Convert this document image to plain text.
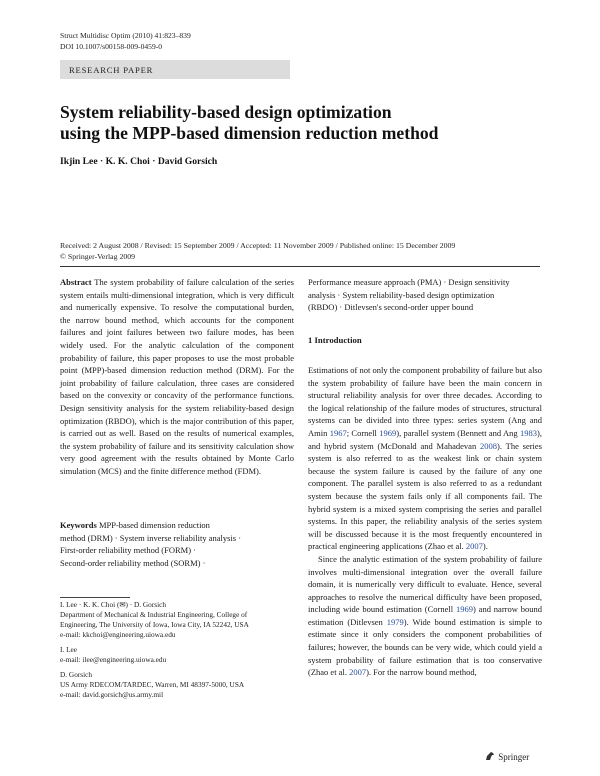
Struct Multidisc Optim (2010) 41:823–839
DOI 10.1007/s00158-009-0459-0
RESEARCH PAPER
System reliability-based design optimization
using the MPP-based dimension reduction method
Ikjin Lee · K. K. Choi · David Gorsich
Received: 2 August 2008 / Revised: 15 September 2009 / Accepted: 11 November 2009 / Published online: 15 December 2009
© Springer-Verlag 2009

Abstract The system probability of failure calculation of the series system entails multi-dimensional integration, which is very difficult and numerically expensive. To resolve the computational burden, the narrow bound method, which accounts for the component failures and joint failures between two failure modes, has been widely used. For the analytic calculation of the component probability of failure, this paper proposes to use the most probable point (MPP)-based dimension reduction method (DRM). For the joint probability of failure calculation, three cases are considered based on the convexity or concavity of the performance functions. Design sensitivity analysis for the system reliability-based design optimization (RBDO), which is the major contribution of this paper, is carried out as well. Based on the results of numerical examples, the system probability of failure and its sensitivity calculation show very good agreement with the results obtained by Monte Carlo simulation (MCS) and the finite difference method (FDM).

Keywords MPP-based dimension reduction
method (DRM) · System inverse reliability analysis ·
First-order reliability method (FORM) ·
Second-order reliability method (SORM) ·
I. Lee · K. K. Choi (✉) · D. Gorsich
Department of Mechanical & Industrial Engineering, College of
Engineering, The University of Iowa, Iowa City, IA 52242, USA
e-mail: kkchoi@engineering.uiowa.edu
I. Lee
e-mail: ilee@engineering.uiowa.edu
D. Gorsich
US Army RDECOM/TARDEC, Warren, MI 48397-5000, USA
e-mail: david.gorsich@us.army.mil
Performance measure approach (PMA) · Design sensitivity
analysis · System reliability-based design optimization
(RBDO) · Ditlevsen's second-order upper bound
1 Introduction

Estimations of not only the component probability of failure but also the system probability of failure have been the main concern in structural reliability analysis for over three decades. According to the logical relationship of the failure modes of structures, structural systems can be divided into three types: series system (Ang and Amin 1967; Cornell 1969), parallel system (Bennett and Ang 1983), and hybrid system (McDonald and Mahadevan 2008). The series system is also referred to as the weakest link or chain system because the system failure is caused by the failure of any one component. The parallel system is also referred to as a redundant system because the system fails only if all components fail. The hybrid system is a mixed system comprising the series and parallel systems. In this paper, the reliability analysis of the series system will be discussed because it is the most frequently encountered in practical engineering applications (Zhao et al. 2007).

Since the analytic estimation of the system probability of failure involves multi-dimensional integration over the overall failure domain, it is numerically very difficult to evaluate. Hence, several approaches to resolve the numerical difficulty have been proposed, including wide bound estimation (Cornell 1969) and narrow bound estimation (Ditlevsen 1979). Wide bound estimation is simple to estimate since it only considers the component probabilities of failures; however, the bounds can be very wide, which could yield a system probability of failure estimation that is too conservative (Zhao et al. 2007). For the narrow bound method,

Springer
